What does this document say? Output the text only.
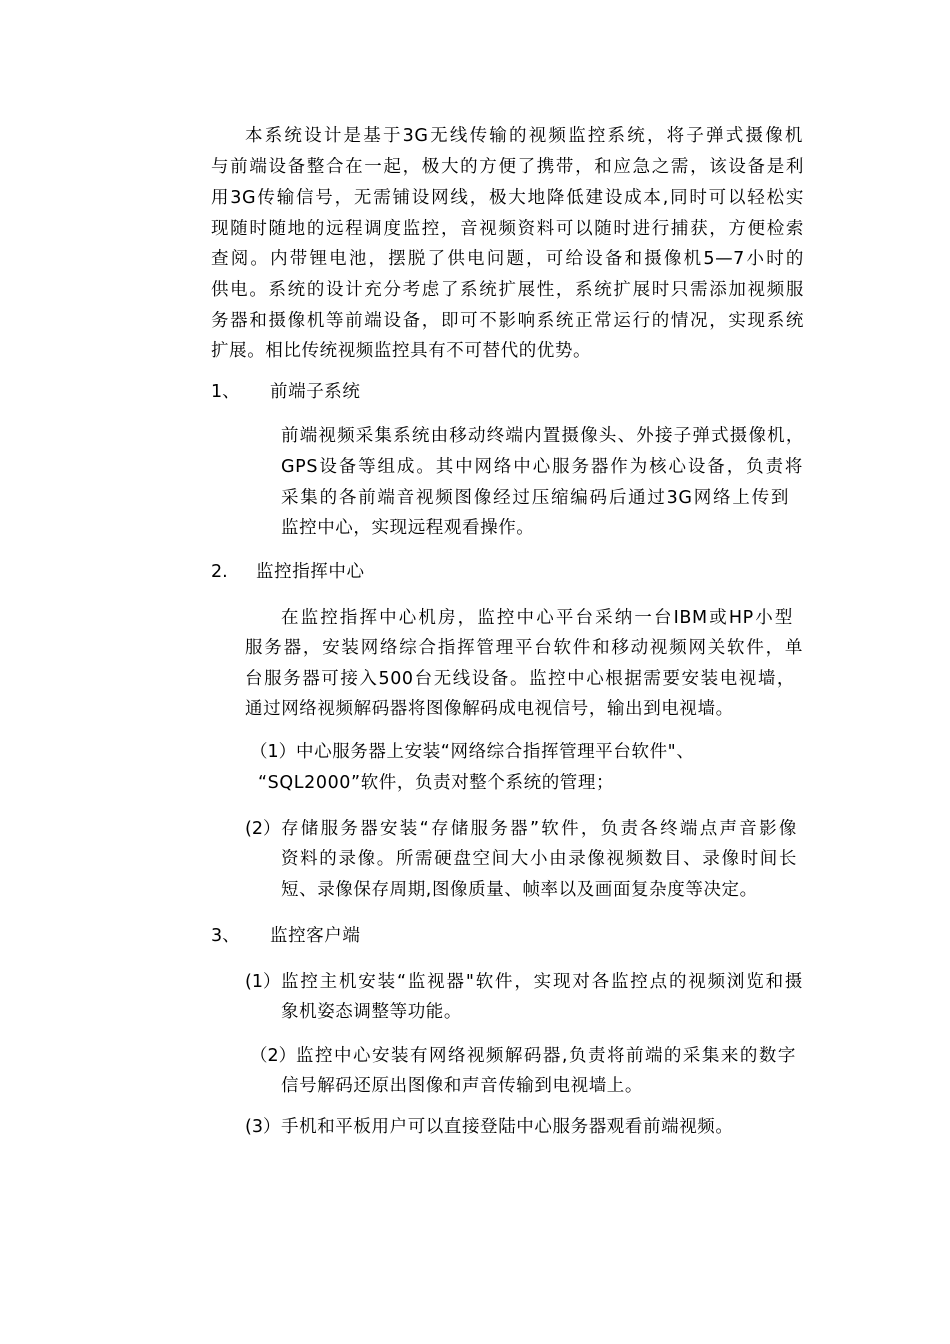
本系统设计是基于3G无线传输的视频监控系统，将子弹式摄像机
与前端设备整合在一起，极大的方便了携带，和应急之需，该设备是利
用3G传输信号，无需铺设网线，极大地降低建设成本,同时可以轻松实
现随时随地的远程调度监控，音视频资料可以随时进行捕获，方便检索
查阅。内带锂电池，摆脱了供电问题，可给设备和摄像机5—7小时的
供电。系统的设计充分考虑了系统扩展性，系统扩展时只需添加视频服
务器和摄像机等前端设备，即可不影响系统正常运行的情况，实现系统
扩展。相比传统视频监控具有不可替代的优势。
1、 前端子系统
前端视频采集系统由移动终端内置摄像头、外接子弹式摄像机，
GPS设备等组成。其中网络中心服务器作为核心设备，负责将
采集的各前端音视频图像经过压缩编码后通过3G网络上传到
监控中心，实现远程观看操作。
2. 监控指挥中心
在监控指挥中心机房，监控中心平台采纳一台IBM或HP小型
服务器，安装网络综合指挥管理平台软件和移动视频网关软件，单
台服务器可接入500台无线设备。监控中心根据需要安装电视墙，
通过网络视频解码器将图像解码成电视信号，输出到电视墙。
（1） 中心服务器上安装“网络综合指挥管理平台软件"、
“SQL2000”软件，负责对整个系统的管理；
(2） 存储服务器安装“存储服务器”软件，负责各终端点声音影像
资料的录像。所需硬盘空间大小由录像视频数目、录像时间长
短、录像保存周期,图像质量、帧率以及画面复杂度等决定。
3、 监控客户端
(1） 监控主机安装“监视器"软件，实现对各监控点的视频浏览和摄
象机姿态调整等功能。
（2） 监控中心安装有网络视频解码器,负责将前端的采集来的数字
信号解码还原出图像和声音传输到电视墙上。
(3） 手机和平板用户可以直接登陆中心服务器观看前端视频。
